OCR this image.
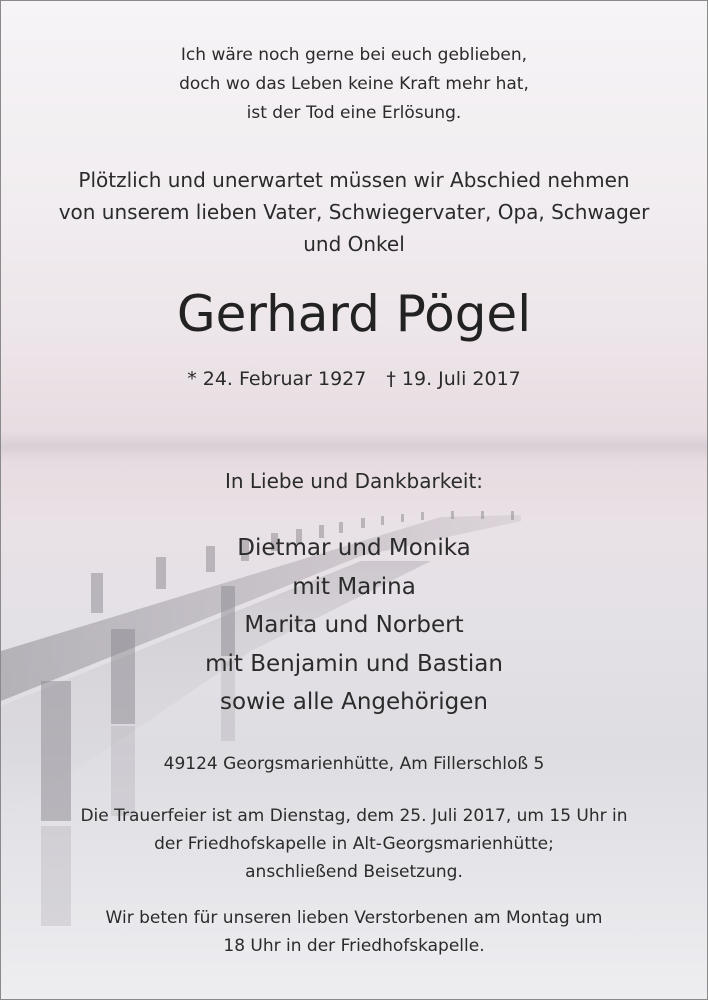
Ich wäre noch gerne bei euch geblieben,
doch wo das Leben keine Kraft mehr hat,
ist der Tod eine Erlösung.
Plötzlich und unerwartet müssen wir Abschied nehmen
von unserem lieben Vater, Schwiegervater, Opa, Schwager
und Onkel
Gerhard Pögel
* 24. Februar 1927 † 19. Juli 2017
In Liebe und Dankbarkeit:
Dietmar und Monika
mit Marina
Marita und Norbert
mit Benjamin und Bastian
sowie alle Angehörigen
49124 Georgsmarienhütte, Am Fillerschloß 5
Die Trauerfeier ist am Dienstag, dem 25. Juli 2017, um 15 Uhr in
der Friedhofskapelle in Alt-Georgsmarienhütte;
anschließend Beisetzung.
Wir beten für unseren lieben Verstorbenen am Montag um
18 Uhr in der Friedhofskapelle.
